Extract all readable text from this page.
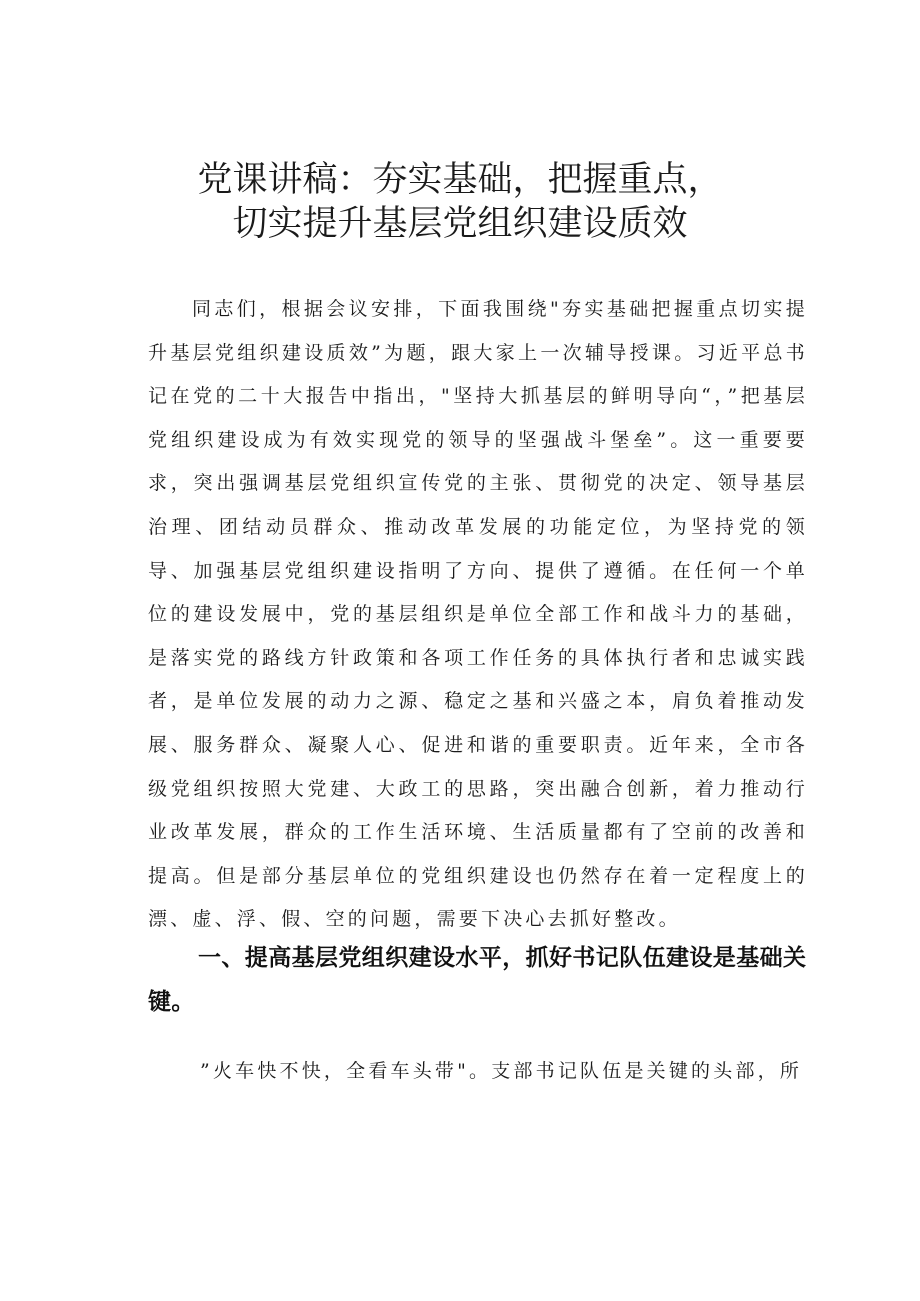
党课讲稿：夯实基础，把握重点，
切实提升基层党组织建设质效

同志们，根据会议安排，下面我围绕"夯实基础把握重点切实提升基层党组织建设质效”为题，跟大家上一次辅导授课。习近平总书记在党的二十大报告中指出，"坚持大抓基层的鲜明导向“，”把基层党组织建设成为有效实现党的领导的坚强战斗堡垒”。这一重要要求，突出强调基层党组织宣传党的主张、贯彻党的决定、领导基层治理、团结动员群众、推动改革发展的功能定位，为坚持党的领导、加强基层党组织建设指明了方向、提供了遵循。在任何一个单位的建设发展中，党的基层组织是单位全部工作和战斗力的基础，是落实党的路线方针政策和各项工作任务的具体执行者和忠诚实践者，是单位发展的动力之源、稳定之基和兴盛之本，肩负着推动发展、服务群众、凝聚人心、促进和谐的重要职责。近年来，全市各级党组织按照大党建、大政工的思路，突出融合创新，着力推动行业改革发展，群众的工作生活环境、生活质量都有了空前的改善和提高。但是部分基层单位的党组织建设也仍然存在着一定程度上的漂、虚、浮、假、空的问题，需要下决心去抓好整改。

一、提高基层党组织建设水平，抓好书记队伍建设是基础关键。

”火车快不快，全看车头带"。支部书记队伍是关键的头部，所
